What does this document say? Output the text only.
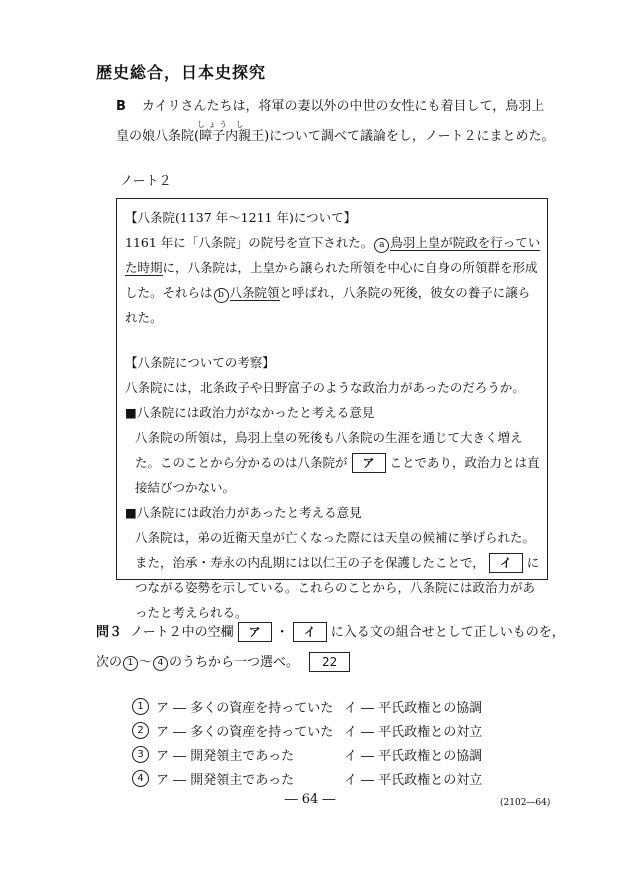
歴史総合，日本史探究
B カイリさんたちは，将軍の妻以外の中世の女性にも着目して，鳥羽上皇の娘八条院(
しょう し
暲子内親王)について調べて議論をし，ノート２にまとめた。
ノート２

【八条院(1137 年～1211 年)について】

1161 年に「八条院」の院号を宣下された。 a 鳥羽上皇が院政を行っていた時期に，八条院は，上皇から譲られた所領を中心に自身の所領群を形成した。それらは b 八条院領と呼ばれ，八条院の死後，彼女の養子に譲られた。

【八条院についての考察】

八条院には，北条政子や日野富子のような政治力があったのだろうか。

■八条院には政治力がなかったと考える意見

八条院の所領は，鳥羽上皇の死後も八条院の生涯を通じて大きく増えた。このことから分かるのは八条院が ア ことであり，政治力とは直接結びつかない。

■八条院には政治力があったと考える意見

八条院は，弟の近衛天皇が亡くなった際には天皇の候補に挙げられた。また，治承・寿永の内乱期には以仁王の子を保護したことで， イ につながる姿勢を示している。これらのことから，八条院には政治力があったと考えられる。

問３ ノート２中の空欄 ア ・ イ に入る文の組合せとして正しいものを，次の 1 ～ 4 のうちから一つ選べ。 22
1 ア ― 多くの資産を持っていた イ ― 平氏政権との協調
2 ア ― 多くの資産を持っていた イ ― 平氏政権との対立
3 ア ― 開発領主であった	イ ― 平氏政権との協調
4 ア ― 開発領主であった	イ ― 平氏政権との対立
― 64 ―	(2102―64)
